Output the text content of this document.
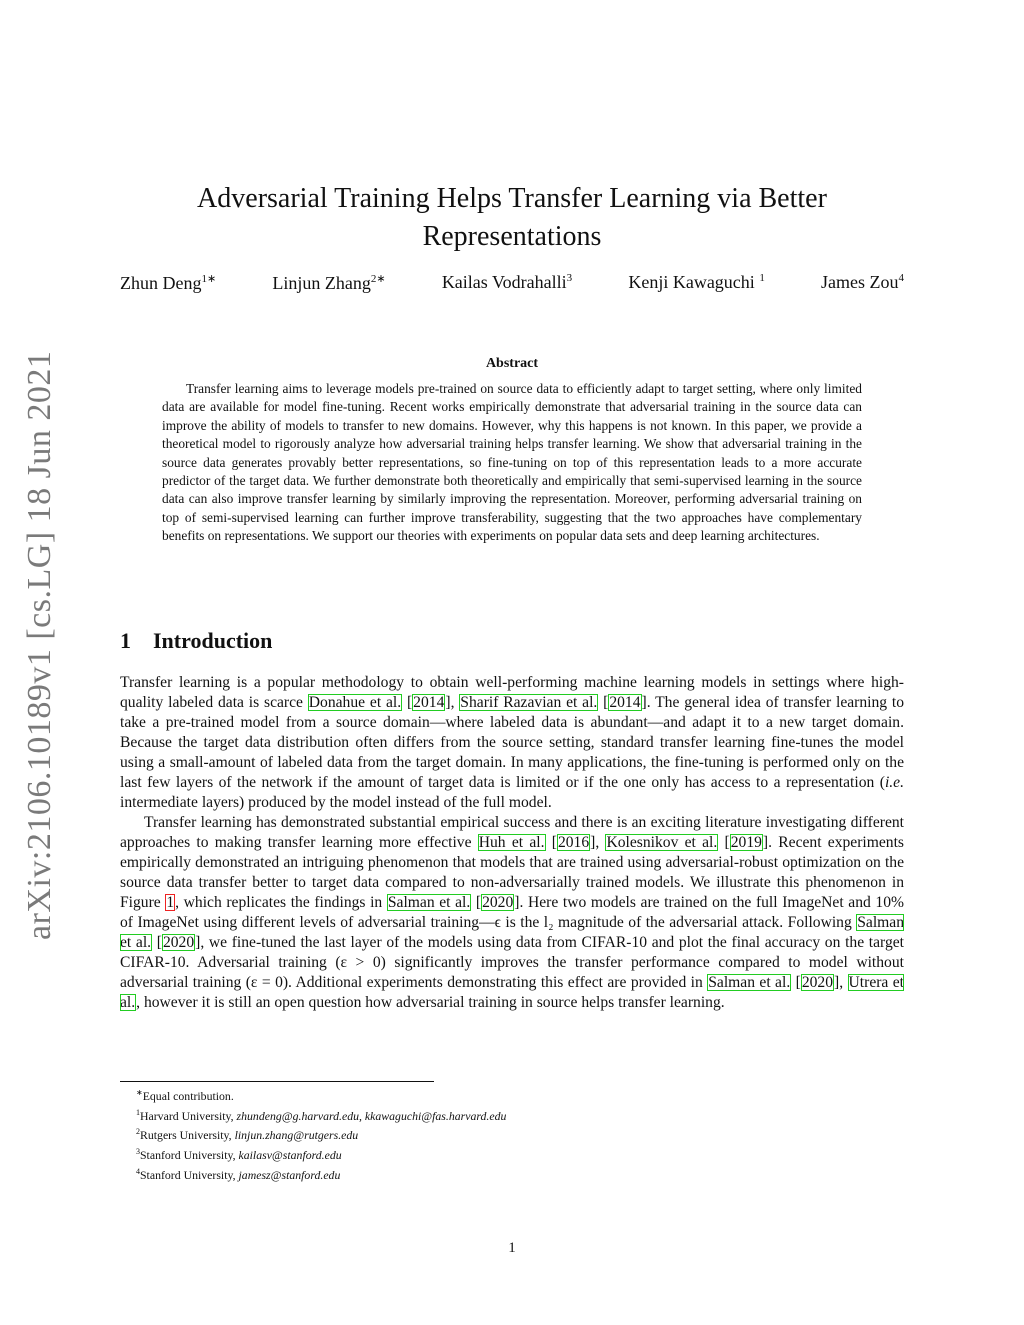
arXiv:2106.10189v1 [cs.LG] 18 Jun 2021
Adversarial Training Helps Transfer Learning via Better Representations
Zhun Deng$^{1∗}$	Linjun Zhang$^{2∗}$	Kailas Vodrahalli$^3$	Kenji Kawaguchi $^1$	James Zou$^4$
Abstract
Transfer learning aims to leverage models pre-trained on source data to efficiently adapt to target setting, where only limited data are available for model fine-tuning. Recent works empirically demonstrate that adversarial training in the source data can improve the ability of models to transfer to new domains. However, why this happens is not known. In this paper, we provide a theoretical model to rigorously analyze how adversarial training helps transfer learning. We show that adversarial training in the source data generates provably better representations, so fine-tuning on top of this representation leads to a more accurate predictor of the target data. We further demonstrate both theoretically and empirically that semi-supervised learning in the source data can also improve transfer learning by similarly improving the representation. Moreover, performing adversarial training on top of semi-supervised learning can further improve transferability, suggesting that the two approaches have complementary benefits on representations. We support our theories with experiments on popular data sets and deep learning architectures.
1 Introduction

Transfer learning is a popular methodology to obtain well-performing machine learning models in settings where high-quality labeled data is scarce Donahue et al. [2014], Sharif Razavian et al. [2014]. The general idea of transfer learning to take a pre-trained model from a source domain—where labeled data is abundant—and adapt it to a new target domain. Because the target data distribution often differs from the source setting, standard transfer learning fine-tunes the model using a small-amount of labeled data from the target domain. In many applications, the fine-tuning is performed only on the last few layers of the network if the amount of target data is limited or if the one only has access to a representation (i.e. intermediate layers) produced by the model instead of the full model.

Transfer learning has demonstrated substantial empirical success and there is an exciting literature investigating different approaches to making transfer learning more effective Huh et al. [2016], Kolesnikov et al. [2019]. Recent experiments empirically demonstrated an intriguing phenomenon that models that are trained using adversarial-robust optimization on the source data transfer better to target data compared to non-adversarially trained models. We illustrate this phenomenon in Figure 1, which replicates the findings in Salman et al. [2020]. Here two models are trained on the full ImageNet and 10% of ImageNet using different levels of adversarial training—ϵ is the l₂ magnitude of the adversarial attack. Following Salman et al. [2020], we fine-tuned the last layer of the models using data from CIFAR-10 and plot the final accuracy on the target CIFAR-10. Adversarial training (ε > 0) significantly improves the transfer performance compared to model without adversarial training (ε = 0). Additional experiments demonstrating this effect are provided in Salman et al. [2020], Utrera et al., however it is still an open question how adversarial training in source helps transfer learning.

∗Equal contribution.
$^1$Harvard University, zhundeng@g.harvard.edu, kkawaguchi@fas.harvard.edu
$^2$Rutgers University, linjun.zhang@rutgers.edu
$^3$Stanford University, kailasv@stanford.edu
$^4$Stanford University, jamesz@stanford.edu
1
